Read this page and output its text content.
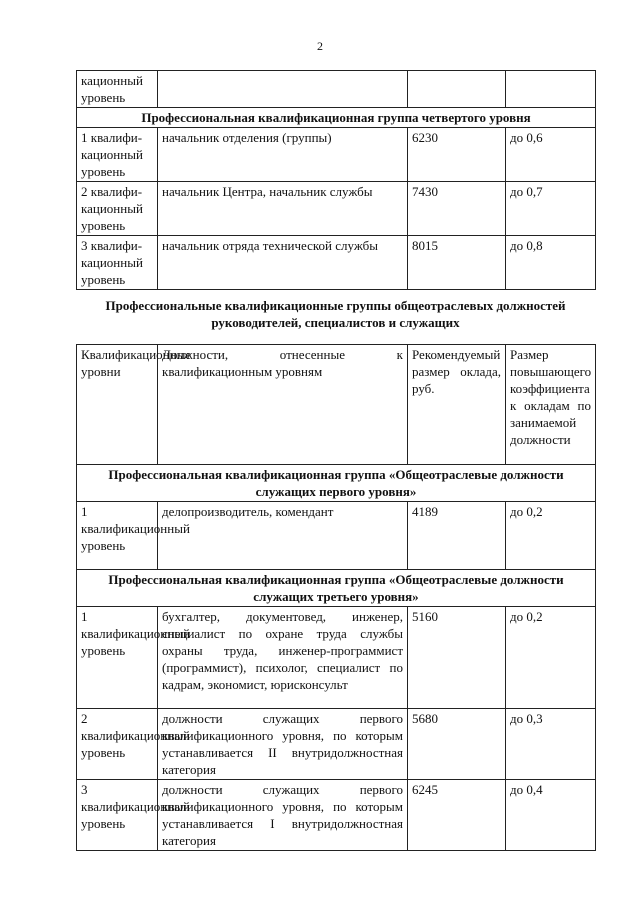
2
кационный уровень			
Профессиональная квалификационная группа четвертого уровня			
1 квалифи-кационный уровень	начальник отделения (группы)	6230	до 0,6
2 квалифи-кационный уровень	начальник Центра, начальник службы	7430	до 0,7
3 квалифи-кационный уровень	начальник отряда технической службы	8015	до 0,8
Профессиональные квалификационные группы общеотраслевых должностей руководителей, специалистов и служащих
Квалификационные уровни	Должности, отнесенные к квалификационным уровням	Рекомендуемый размер оклада, руб.	Размер повышающего коэффициента к окладам по занимаемой должности
Профессиональная квалификационная группа «Общеотраслевые должности служащих первого уровня»			
1 квалификационный уровень	делопроизводитель, комендант	4189	до 0,2
Профессиональная квалификационная группа «Общеотраслевые должности служащих третьего уровня»			
1 квалификационный уровень	бухгалтер, документовед, инженер, специалист по охране труда службы охраны труда, инженер-программист (программист), психолог, специалист по кадрам, экономист, юрисконсульт	5160	до 0,2
2 квалификационный уровень	должности служащих первого квалификационного уровня, по которым устанавливается II внутридолжностная категория	5680	до 0,3
3 квалификационный уровень	должности служащих первого квалификационного уровня, по которым устанавливается I внутридолжностная категория	6245	до 0,4
